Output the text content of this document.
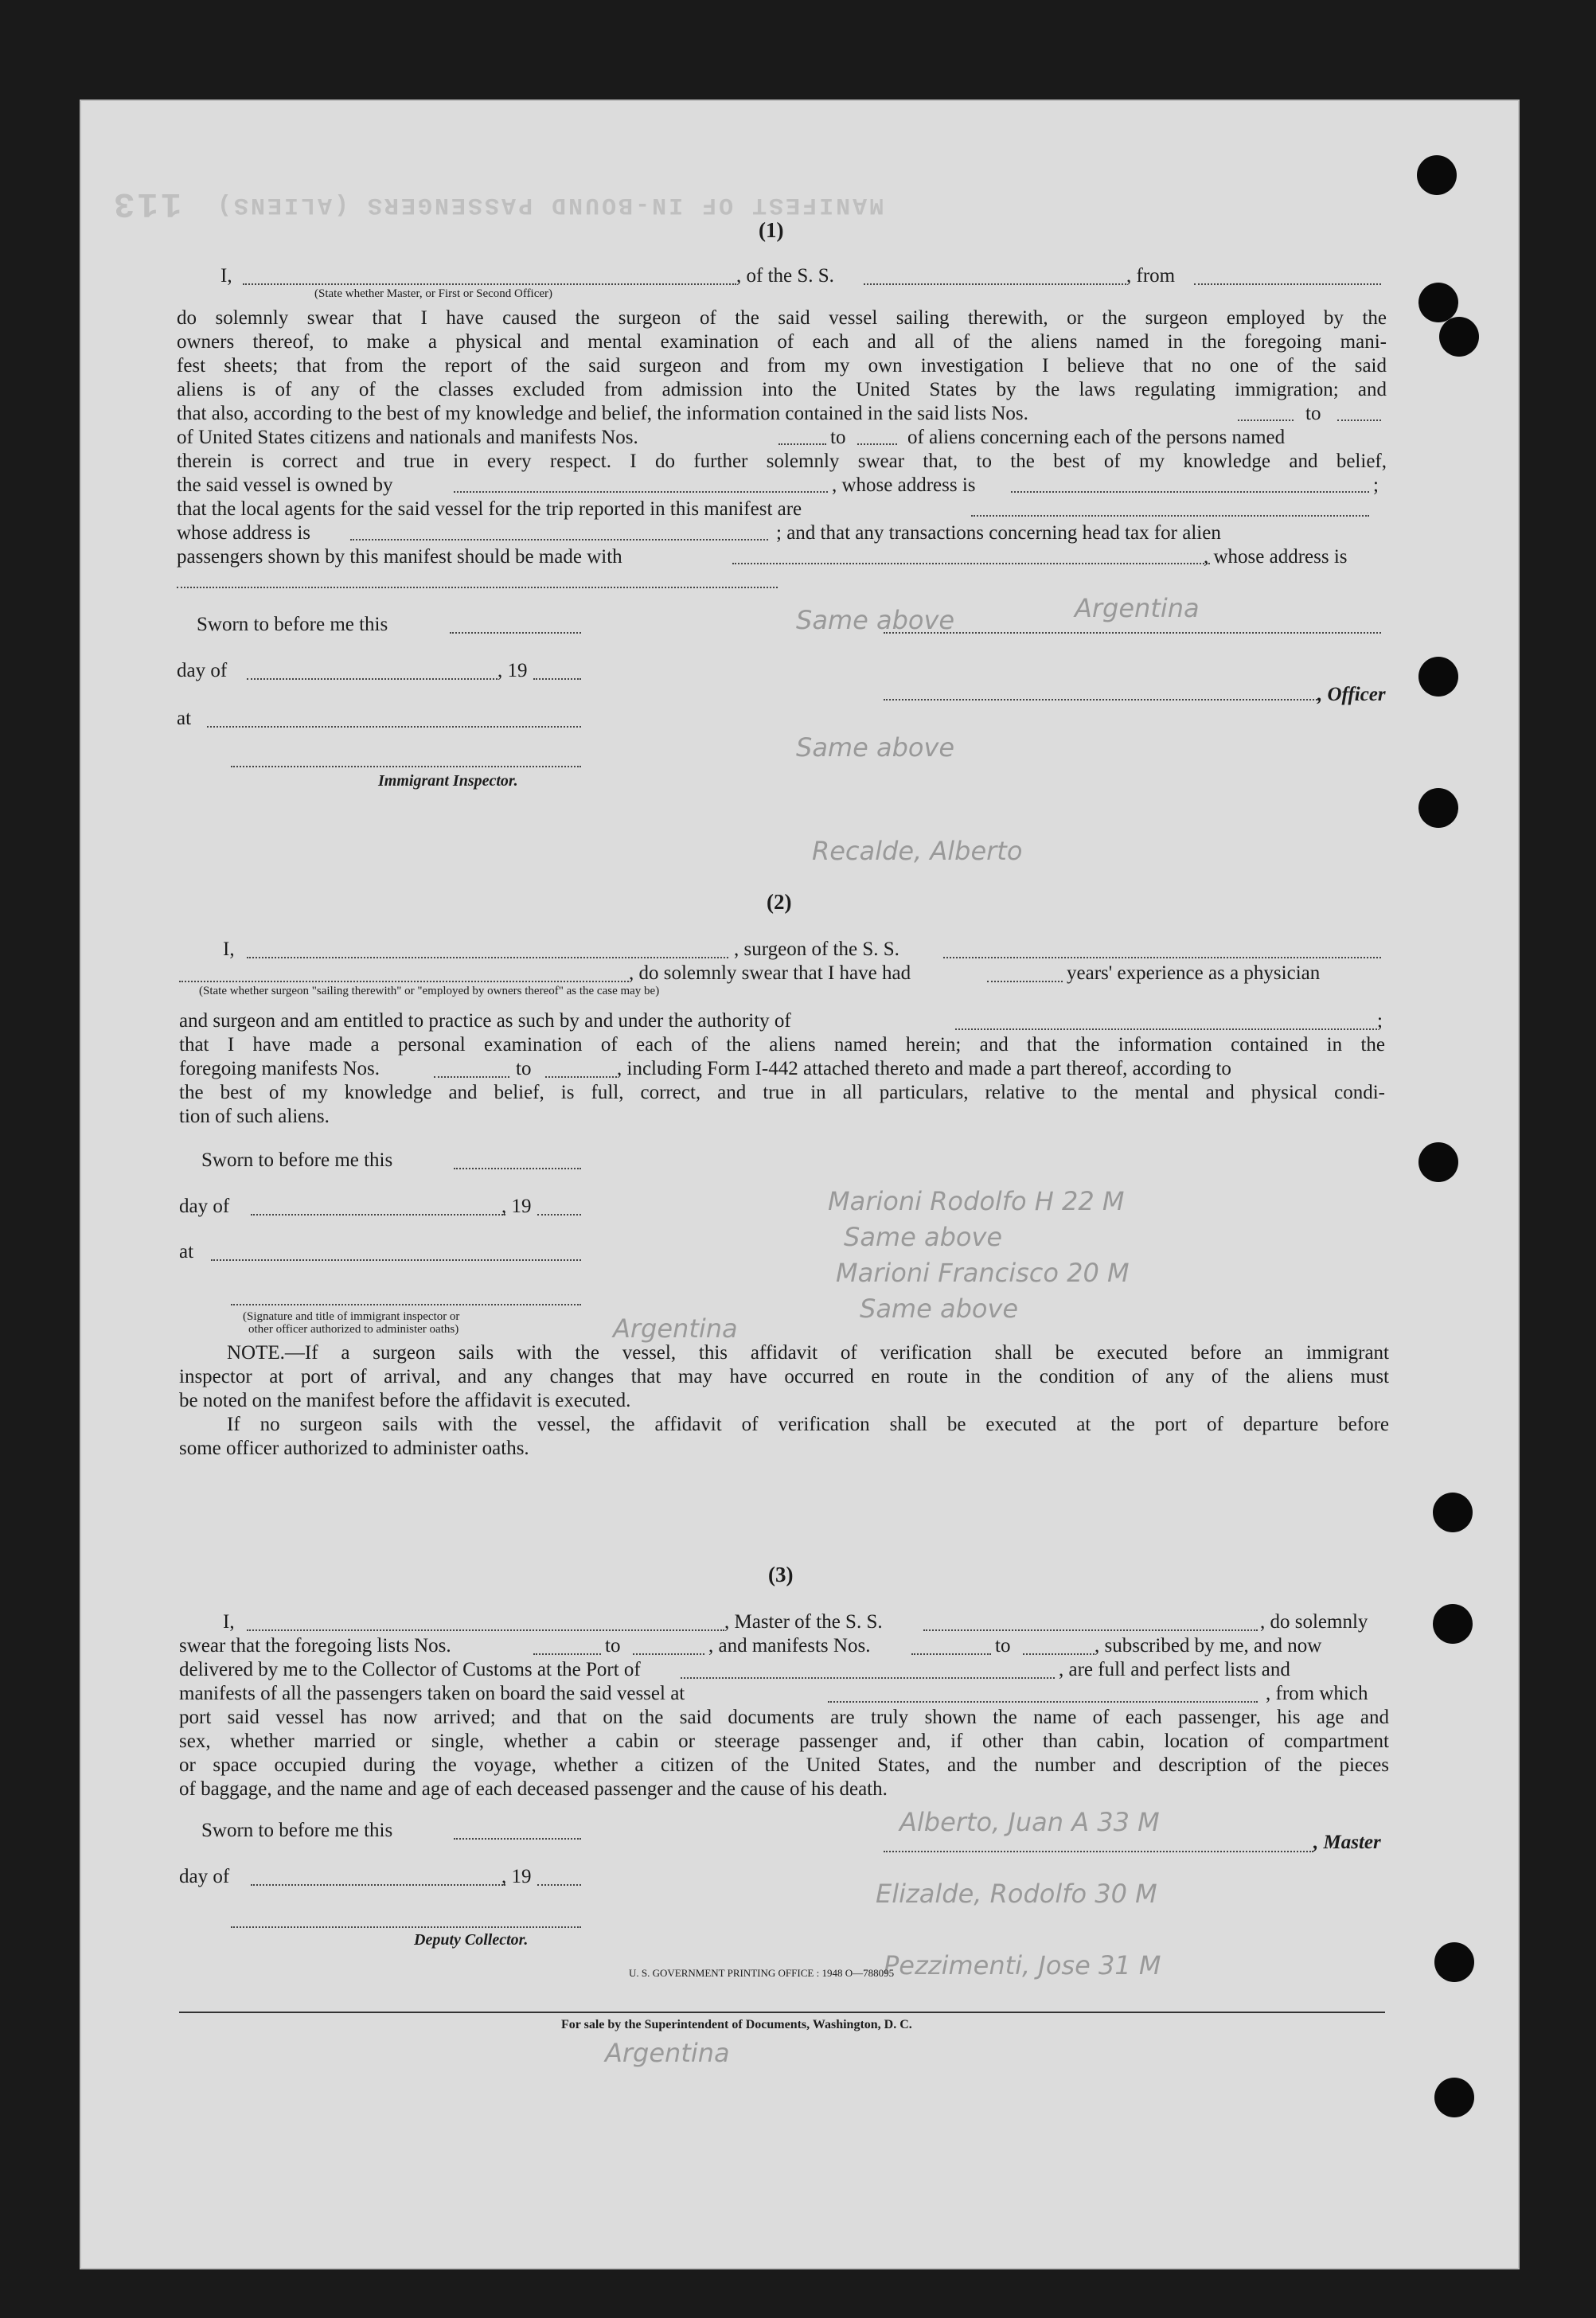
MANIFEST OF IN-BOUND PASSENGERS (ALIENS)
113
Same above	Argentina
Same above
Recalde, Alberto
Marioni Rodolfo H 22 M
Same above
Marioni Francisco 20 M
Same above
Argentina
Alberto, Juan A 33 M
Elizalde, Rodolfo 30 M
Pezzimenti, Jose 31 M
Argentina
(1)
I,	, of the S. S.	, from
(State whether Master, or First or Second Officer)
do solemnly swear that I have caused the surgeon of the said vessel sailing therewith, or the surgeon employed by the
owners thereof, to make a physical and mental examination of each and all of the aliens named in the foregoing mani-
fest sheets; that from the report of the said surgeon and from my own investigation I believe that no one of the said
aliens is of any of the classes excluded from admission into the United States by the laws regulating immigration; and
that also, according to the best of my knowledge and belief, the information contained in the said lists Nos.	to
of United States citizens and nationals and manifests Nos.	to	of aliens concerning each of the persons named
therein is correct and true in every respect. I do further solemnly swear that, to the best of my knowledge and belief,
the said vessel is owned by	, whose address is	;
that the local agents for the said vessel for the trip reported in this manifest are
whose address is	; and that any transactions concerning head tax for alien
passengers shown by this manifest should be made with	, whose address is
Sworn to before me this
day of	, 19
, Officer
at
Immigrant Inspector.
(2)
I,	, surgeon of the S. S.
, do solemnly swear that I have had	years' experience as a physician
(State whether surgeon "sailing therewith" or "employed by owners thereof" as the case may be)
and surgeon and am entitled to practice as such by and under the authority of	;
that I have made a personal examination of each of the aliens named herein; and that the information contained in the
foregoing manifests Nos.	to	, including Form I-442 attached thereto and made a part thereof, according to
the best of my knowledge and belief, is full, correct, and true in all particulars, relative to the mental and physical condi-
tion of such aliens.
Sworn to before me this
day of	, 19
at
(Signature and title of immigrant inspector or
other officer authorized to administer oaths)
NOTE.—If a surgeon sails with the vessel, this affidavit of verification shall be executed before an immigrant
inspector at port of arrival, and any changes that may have occurred en route in the condition of any of the aliens must
be noted on the manifest before the affidavit is executed.
If no surgeon sails with the vessel, the affidavit of verification shall be executed at the port of departure before
some officer authorized to administer oaths.
(3)
I,	, Master of the S. S.	, do solemnly
swear that the foregoing lists Nos.	to	, and manifests Nos.	to	, subscribed by me, and now
delivered by me to the Collector of Customs at the Port of	, are full and perfect lists and
manifests of all the passengers taken on board the said vessel at	, from which
port said vessel has now arrived; and that on the said documents are truly shown the name of each passenger, his age and
sex, whether married or single, whether a cabin or steerage passenger and, if other than cabin, location of compartment
or space occupied during the voyage, whether a citizen of the United States, and the number and description of the pieces
of baggage, and the name and age of each deceased passenger and the cause of his death.
Sworn to before me this
, Master
day of	, 19
Deputy Collector.
U. S. GOVERNMENT PRINTING OFFICE : 1948 O—788095
For sale by the Superintendent of Documents, Washington, D. C.
